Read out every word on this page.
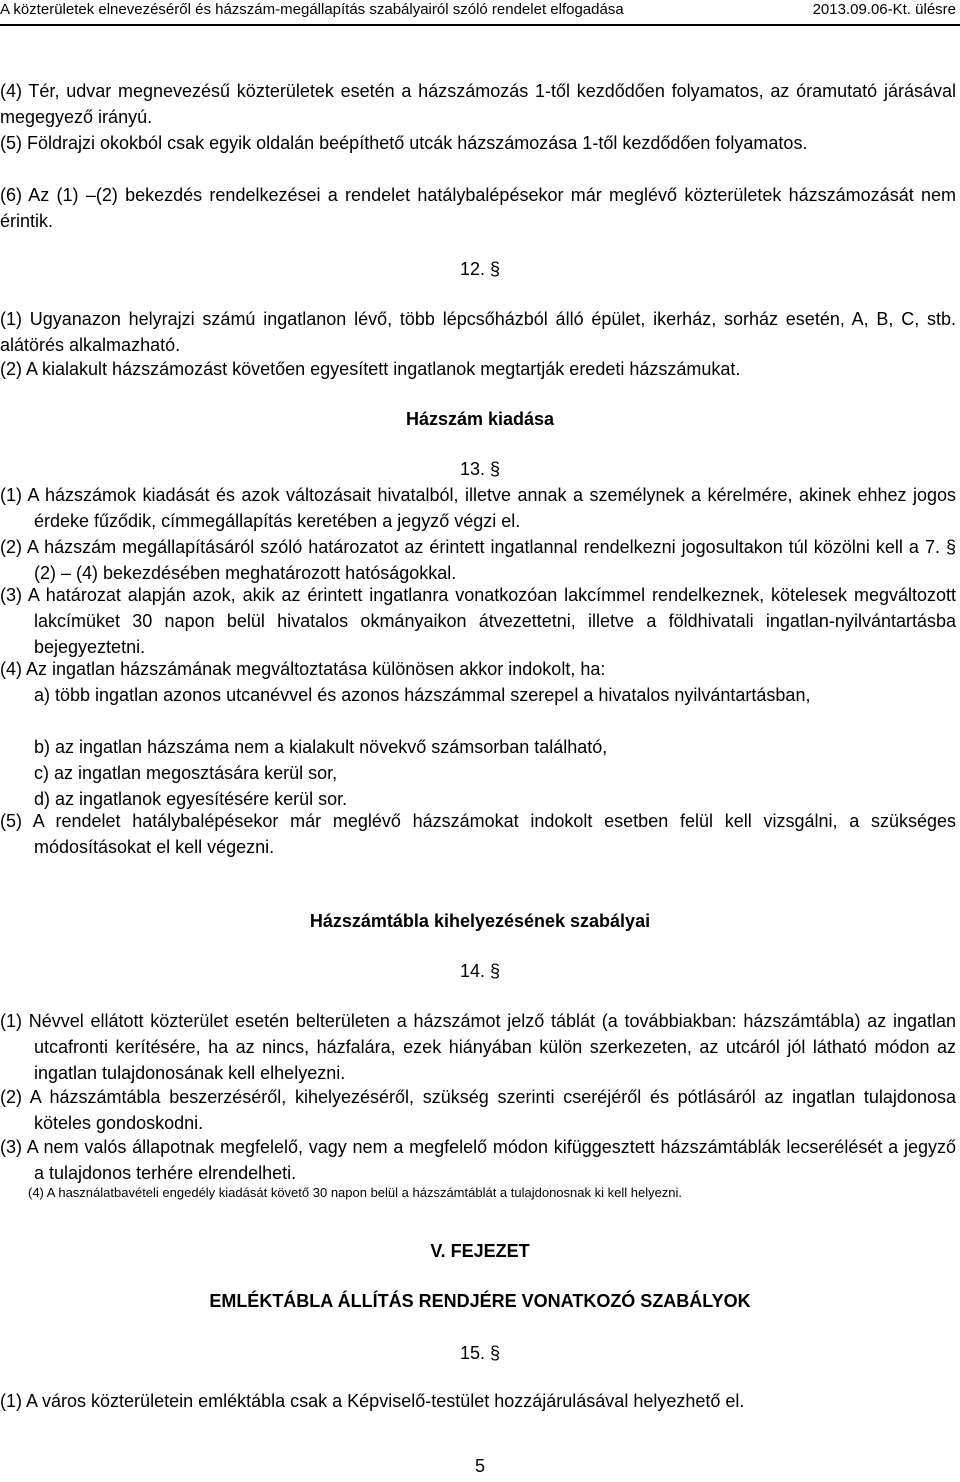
A közterületek elnevezéséről és házszám-megállapítás szabályairól szóló rendelet elfogadása	2013.09.06-Kt. ülésre

(4) Tér, udvar megnevezésű közterületek esetén a házszámozás 1-től kezdődően folyamatos, az óramutató járásával megegyező irányú.

(5) Földrajzi okokból csak egyik oldalán beépíthető utcák házszámozása 1-től kezdődően folyamatos.

(6) Az (1) –(2) bekezdés rendelkezései a rendelet hatálybalépésekor már meglévő közterületek házszámozását nem érintik.

12. §

(1) Ugyanazon helyrajzi számú ingatlanon lévő, több lépcsőházból álló épület, ikerház, sorház esetén, A, B, C, stb. alátörés alkalmazható.

(2) A kialakult házszámozást követően egyesített ingatlanok megtartják eredeti házszámukat.

Házszám kiadása

13. §

(1) A házszámok kiadását és azok változásait hivatalból, illetve annak a személynek a kérelmére, akinek ehhez jogos érdeke fűződik, címmegállapítás keretében a jegyző végzi el.

(2) A házszám megállapításáról szóló határozatot az érintett ingatlannal rendelkezni jogosultakon túl közölni kell a 7. § (2) – (4) bekezdésében meghatározott hatóságokkal.

(3) A határozat alapján azok, akik az érintett ingatlanra vonatkozóan lakcímmel rendelkeznek, kötelesek megváltozott lakcímüket 30 napon belül hivatalos okmányaikon átvezettetni, illetve a földhivatali ingatlan-nyilvántartásba bejegyeztetni.

(4) Az ingatlan házszámának megváltoztatása különösen akkor indokolt, ha:

a) több ingatlan azonos utcanévvel és azonos házszámmal szerepel a hivatalos nyilvántartásban,

b) az ingatlan házszáma nem a kialakult növekvő számsorban található,

c) az ingatlan megosztására kerül sor,

d) az ingatlanok egyesítésére kerül sor.

(5) A rendelet hatálybalépésekor már meglévő házszámokat indokolt esetben felül kell vizsgálni, a szükséges módosításokat el kell végezni.

Házszámtábla kihelyezésének szabályai

14. §

(1) Névvel ellátott közterület esetén belterületen a házszámot jelző táblát (a továbbiakban: házszámtábla) az ingatlan utcafronti kerítésére, ha az nincs, házfalára, ezek hiányában külön szerkezeten, az utcáról jól látható módon az ingatlan tulajdonosának kell elhelyezni.

(2) A házszámtábla beszerzéséről, kihelyezéséről, szükség szerinti cseréjéről és pótlásáról az ingatlan tulajdonosa köteles gondoskodni.

(3) A nem valós állapotnak megfelelő, vagy nem a megfelelő módon kifüggesztett házszámtáblák lecserélését a jegyző a tulajdonos terhére elrendelheti.

(4) A használatbavételi engedély kiadását követő 30 napon belül a házszámtáblát a tulajdonosnak ki kell helyezni.

V. FEJEZET

EMLÉKTÁBLA ÁLLÍTÁS RENDJÉRE VONATKOZÓ SZABÁLYOK

15. §

(1) A város közterületein emléktábla csak a Képviselő-testület hozzájárulásával helyezhető el.

5
